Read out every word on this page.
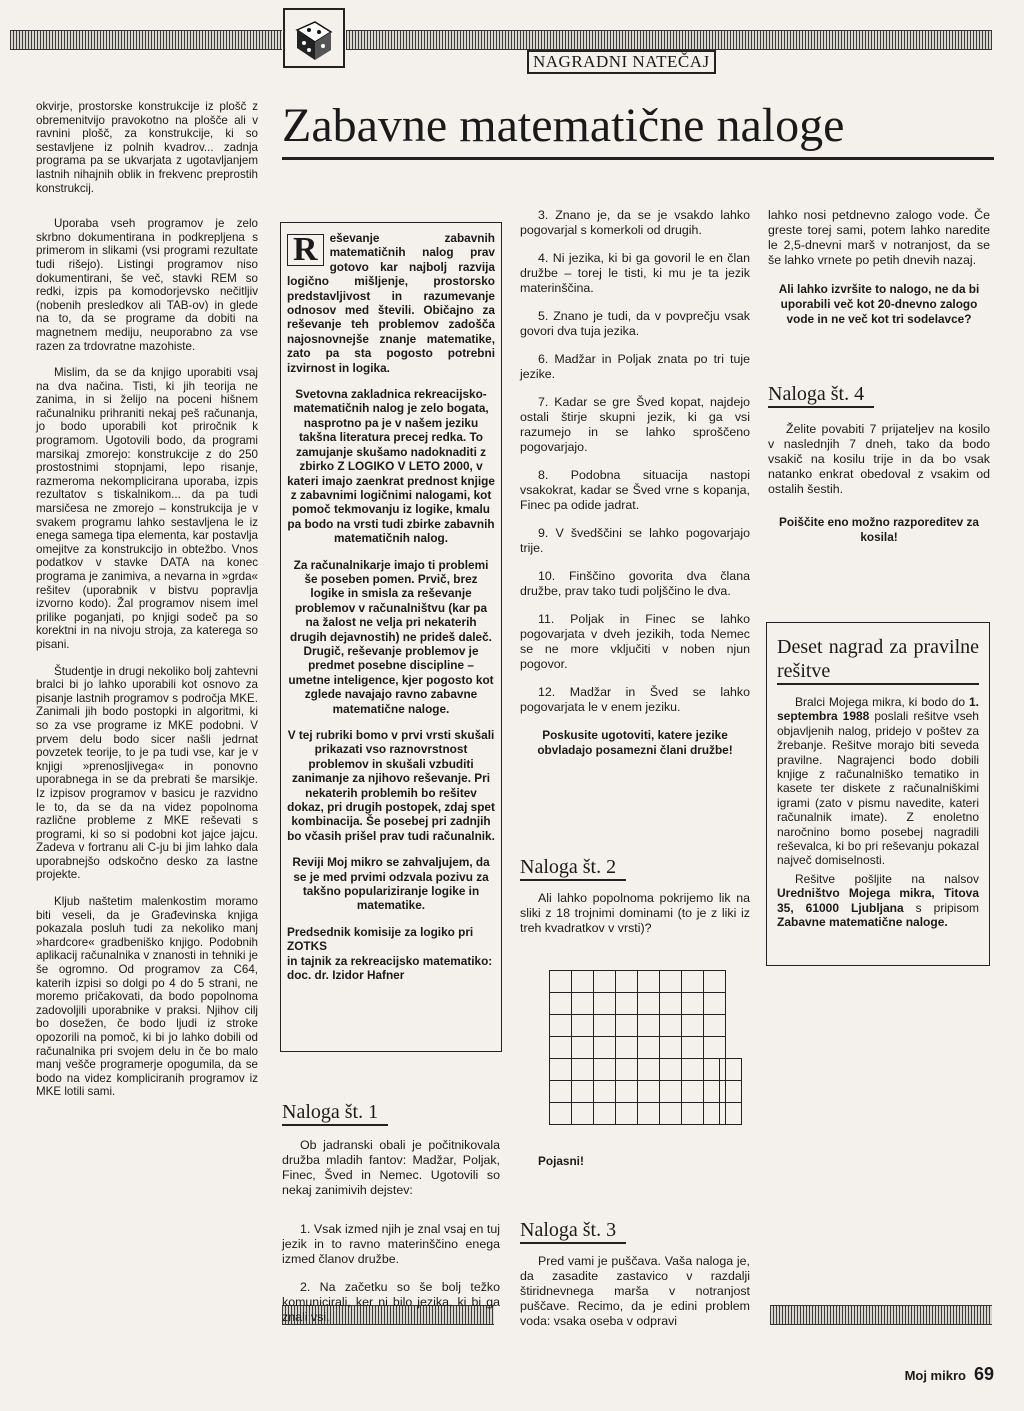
NAGRADNI NATEČAJ
Zabavne matematične naloge

okvirje, prostorske konstrukcije iz plošč z obremenitvijo pravokotno na plošče ali v ravnini plošč, za konstrukcije, ki so sestavljene iz polnih kvadrov... zadnja programa pa se ukvarjata z ugotavljanjem lastnih nihajnih oblik in frekvenc preprostih konstrukcij.

Uporaba vseh programov je zelo skrbno dokumentirana in podkrepljena s primerom in slikami (vsi programi rezultate tudi rišejo). Listingi programov niso dokumentirani, še več, stavki REM so redki, izpis pa komodorjevsko nečitljiv (nobenih presledkov ali TAB-ov) in glede na to, da se programe da dobiti na magnetnem mediju, neuporabno za vse razen za trdovratne mazohiste.

Mislim, da se da knjigo uporabiti vsaj na dva načina. Tisti, ki jih teorija ne zanima, in si želijo na poceni hišnem računalniku prihraniti nekaj peš računanja, jo bodo uporabili kot priročnik k programom. Ugotovili bodo, da programi marsikaj zmorejo: konstrukcije z do 250 prostostnimi stopnjami, lepo risanje, razmeroma nekomplicirana uporaba, izpis rezultatov s tiskalnikom... da pa tudi marsičesa ne zmorejo – konstrukcija je v svakem programu lahko sestavljena le iz enega samega tipa elementa, kar postavlja omejitve za konstrukcijo in obtežbo. Vnos podatkov v stavke DATA na konec programa je zanimiva, a nevarna in »grda« rešitev (uporabnik v bistvu popravlja izvorno kodo). Žal programov nisem imel prilike poganjati, po knjigi sodeč pa so korektni in na nivoju stroja, za katerega so pisani.

Študentje in drugi nekoliko bolj zahtevni bralci bi jo lahko uporabili kot osnovo za pisanje lastnih programov s področja MKE. Zanimali jih bodo postopki in algoritmi, ki so za vse programe iz MKE podobni. V prvem delu bodo sicer našli jedrnat povzetek teorije, to je pa tudi vse, kar je v knjigi »prenosljivega« in ponovno uporabnega in se da prebrati še marsikje. Iz izpisov programov v basicu je razvidno le to, da se da na videz popolnoma različne probleme z MKE reševati s programi, ki so si podobni kot jajce jajcu. Zadeva v fortranu ali C-ju bi jim lahko dala uporabnejšo odskočno desko za lastne projekte.

Kljub naštetim malenkostim moramo biti veseli, da je Građevinska knjiga pokazala posluh tudi za nekoliko manj »hardcore« gradbeniško knjigo. Podobnih aplikacij računalnika v znanosti in tehniki je še ogromno. Od programov za C64, katerih izpisi so dolgi po 4 do 5 strani, ne moremo pričakovati, da bodo popolnoma zadovoljili uporabnike v praksi. Njihov cilj bo dosežen, če bodo ljudi iz stroke opozorili na pomoč, ki bi jo lahko dobili od računalnika pri svojem delu in če bo malo manj vešče programerje opogumila, da se bodo na videz kompliciranih programov iz MKE lotili sami.

R	eševanje zabavnih matematičnih nalog prav gotovo kar najbolj razvija logično mišljenje, prostorsko predstavljivost in razumevanje odnosov med števili. Običajno za reševanje teh problemov zadošča najosnovnejše znanje matematike, zato pa sta pogosto potrebni izvirnost in logika.

Svetovna zakladnica rekreacijsko-matematičnih nalog je zelo bogata, nasprotno pa je v našem jeziku takšna literatura precej redka. To zamujanje skušamo nadoknaditi z zbirko Z LOGIKO V LETO 2000, v kateri imajo zaenkrat prednost knjige z zabavnimi logičnimi nalogami, kot pomoč tekmovanju iz logike, kmalu pa bodo na vrsti tudi zbirke zabavnih matematičnih nalog.

Za računalnikarje imajo ti problemi še poseben pomen. Prvič, brez logike in smisla za reševanje problemov v računalništvu (kar pa na žalost ne velja pri nekaterih drugih dejavnostih) ne prideš daleč. Drugič, reševanje problemov je predmet posebne discipline – umetne inteligence, kjer pogosto kot zglede navajajo ravno zabavne matematične naloge.

V tej rubriki bomo v prvi vrsti skušali prikazati vso raznovrstnost problemov in skušali vzbuditi zanimanje za njihovo reševanje. Pri nekaterih problemih bo rešitev dokaz, pri drugih postopek, zdaj spet kombinacija. Še posebej pri zadnjih bo včasih prišel prav tudi računalnik.

Reviji Moj mikro se zahvaljujem, da se je med prvimi odzvala pozivu za takšno populariziranje logike in matematike.

Predsednik komisije za logiko pri ZOTKS
in tajnik za rekreacijsko matematiko:
doc. dr. Izidor Hafner

Naloga št. 1

Ob jadranski obali je počitnikovala družba mladih fantov: Madžar, Poljak, Finec, Šved in Nemec. Ugotovili so nekaj zanimivih dejstev:

1. Vsak izmed njih je znal vsaj en tuj jezik in to ravno materinščino enega izmed članov družbe.

2. Na začetku so še bolj težko komunicirali, ker ni bilo jezika, ki bi ga znali vsi.

3. Znano je, da se je vsakdo lahko pogovarjal s komerkoli od drugih.

4. Ni jezika, ki bi ga govoril le en član družbe – torej le tisti, ki mu je ta jezik materinščina.

5. Znano je tudi, da v povprečju vsak govori dva tuja jezika.

6. Madžar in Poljak znata po tri tuje jezike.

7. Kadar se gre Šved kopat, najdejo ostali štirje skupni jezik, ki ga vsi razumejo in se lahko sproščeno pogovarjajo.

8. Podobna situacija nastopi vsakokrat, kadar se Šved vrne s kopanja, Finec pa odide jadrat.

9. V švedščini se lahko pogovarjajo trije.

10. Finščino govorita dva člana družbe, prav tako tudi poljščino le dva.

11. Poljak in Finec se lahko pogovarjata v dveh jezikih, toda Nemec se ne more vključiti v noben njun pogovor.

12. Madžar in Šved se lahko pogovarjata le v enem jeziku.

Poskusite ugotoviti, katere jezike obvladajo posamezni člani družbe!

Naloga št. 2

Ali lahko popolnoma pokrijemo lik na sliki z 18 trojnimi dominami (to je z liki iz treh kvadratkov v vrsti)?

Pojasni!
Naloga št. 3

Pred vami je puščava. Vaša naloga je, da zasadite zastavico v razdalji štiridnevnega marša v notranjost puščave. Recimo, da je edini problem voda: vsaka oseba v odpravi

lahko nosi petdnevno zalogo vode. Če greste torej sami, potem lahko naredite le 2,5-dnevni marš v notranjost, da se še lahko vrnete po petih dnevih nazaj.

Ali lahko izvršite to nalogo, ne da bi uporabili več kot 20-dnevno zalogo vode in ne več kot tri sodelavce?

Naloga št. 4

Želite povabiti 7 prijateljev na kosilo v naslednjih 7 dneh, tako da bodo vsakič na kosilu trije in da bo vsak natanko enkrat obedoval z vsakim od ostalih šestih.

Poiščite eno možno razporeditev za kosila!

Deset nagrad za pravilne rešitve

Bralci Mojega mikra, ki bodo do 1. septembra 1988 poslali rešitve vseh objavljenih nalog, pridejo v poštev za žrebanje. Rešitve morajo biti seveda pravilne. Nagrajenci bodo dobili knjige z računalniško tematiko in kasete ter diskete z računalniškimi igrami (zato v pismu navedite, kateri računalnik imate). Z enoletno naročnino bomo posebej nagradili reševalca, ki bo pri reševanju pokazal največ domiselnosti.

Rešitve pošljite na nalsov Uredništvo Mojega mikra, Titova 35, 61000 Ljubljana s pripisom Zabavne matematične naloge.

Moj mikro 69
